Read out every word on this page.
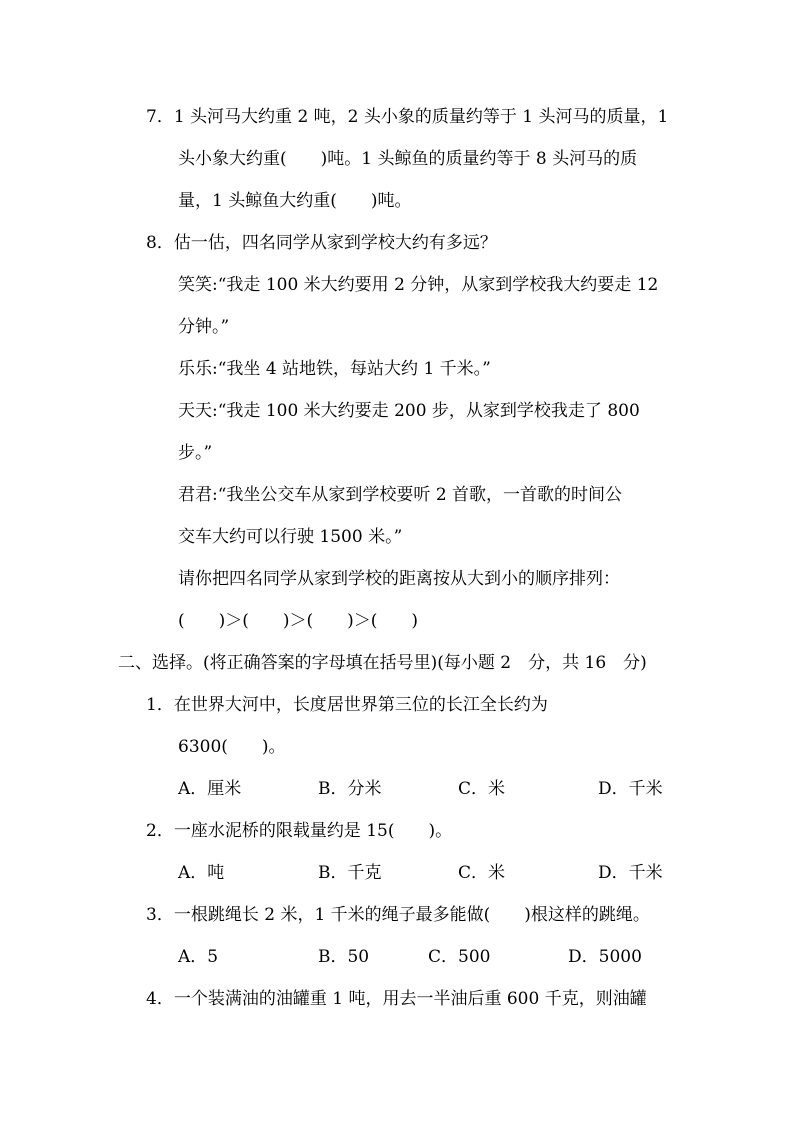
7．1 头河马大约重 2 吨，2 头小象的质量约等于 1 头河马的质量，1
头小象大约重(　　)吨。1 头鲸鱼的质量约等于 8 头河马的质
量，1 头鲸鱼大约重(　　)吨。
8．估一估，四名同学从家到学校大约有多远？
笑笑:“我走 100 米大约要用 2 分钟，从家到学校我大约要走 12
分钟。”
乐乐:“我坐 4 站地铁，每站大约 1 千米。”
天天:“我走 100 米大约要走 200 步，从家到学校我走了 800
步。”
君君:“我坐公交车从家到学校要听 2 首歌，一首歌的时间公
交车大约可以行驶 1500 米。”
请你把四名同学从家到学校的距离按从大到小的顺序排列：
(　　)＞(　　)＞(　　)＞(　　)
二、选择。(将正确答案的字母填在括号里)(每小题 2　分，共 16　分)
1．在世界大河中，长度居世界第三位的长江全长约为
6300(　　)。
A．厘米	B．分米	C．米	D．千米
2．一座水泥桥的限载量约是 15(　　)。
A．吨	B．千克	C．米	D．千米
3．一根跳绳长 2 米，1 千米的绳子最多能做(　　)根这样的跳绳。
A．5	B．50	C．500	D．5000
4．一个装满油的油罐重 1 吨，用去一半油后重 600 千克，则油罐
